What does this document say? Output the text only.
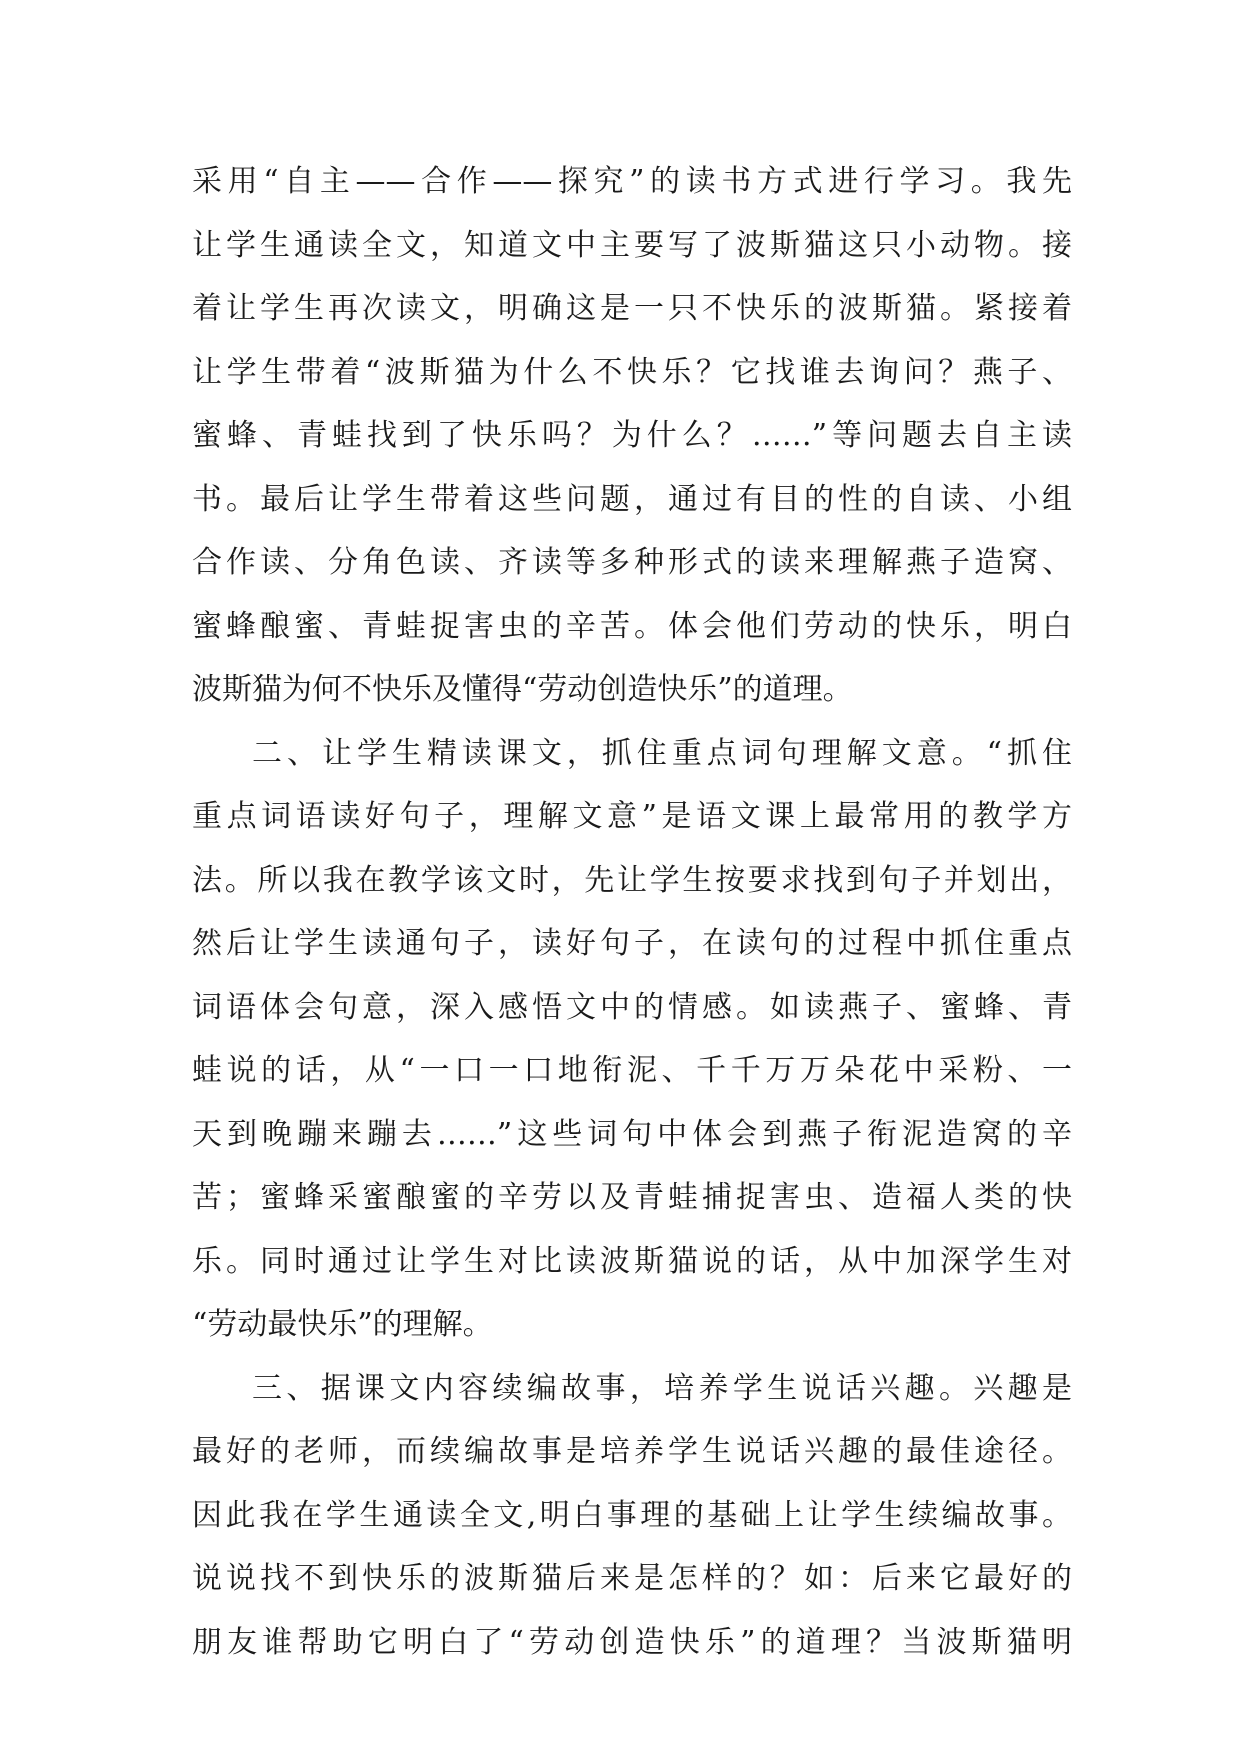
采用“自主——合作——探究”的读书方式进行学习。我先
让学生通读全文，知道文中主要写了波斯猫这只小动物。接
着让学生再次读文，明确这是一只不快乐的波斯猫。紧接着
让学生带着“波斯猫为什么不快乐？它找谁去询问？燕子、
蜜蜂、青蛙找到了快乐吗？为什么？……”等问题去自主读
书。最后让学生带着这些问题，通过有目的性的自读、小组
合作读、分角色读、齐读等多种形式的读来理解燕子造窝、
蜜蜂酿蜜、青蛙捉害虫的辛苦。体会他们劳动的快乐，明白
波斯猫为何不快乐及懂得“劳动创造快乐”的道理。
二、让学生精读课文，抓住重点词句理解文意。“抓住
重点词语读好句子，理解文意”是语文课上最常用的教学方
法。所以我在教学该文时，先让学生按要求找到句子并划出，
然后让学生读通句子，读好句子，在读句的过程中抓住重点
词语体会句意，深入感悟文中的情感。如读燕子、蜜蜂、青
蛙说的话，从“一口一口地衔泥、千千万万朵花中采粉、一
天到晚蹦来蹦去……”这些词句中体会到燕子衔泥造窝的辛
苦；蜜蜂采蜜酿蜜的辛劳以及青蛙捕捉害虫、造福人类的快
乐。同时通过让学生对比读波斯猫说的话，从中加深学生对
“劳动最快乐”的理解。
三、据课文内容续编故事，培养学生说话兴趣。兴趣是
最好的老师，而续编故事是培养学生说话兴趣的最佳途径。
因此我在学生通读全文,明白事理的基础上让学生续编故事。
说说找不到快乐的波斯猫后来是怎样的？如：后来它最好的
朋友谁帮助它明白了“劳动创造快乐”的道理？当波斯猫明
